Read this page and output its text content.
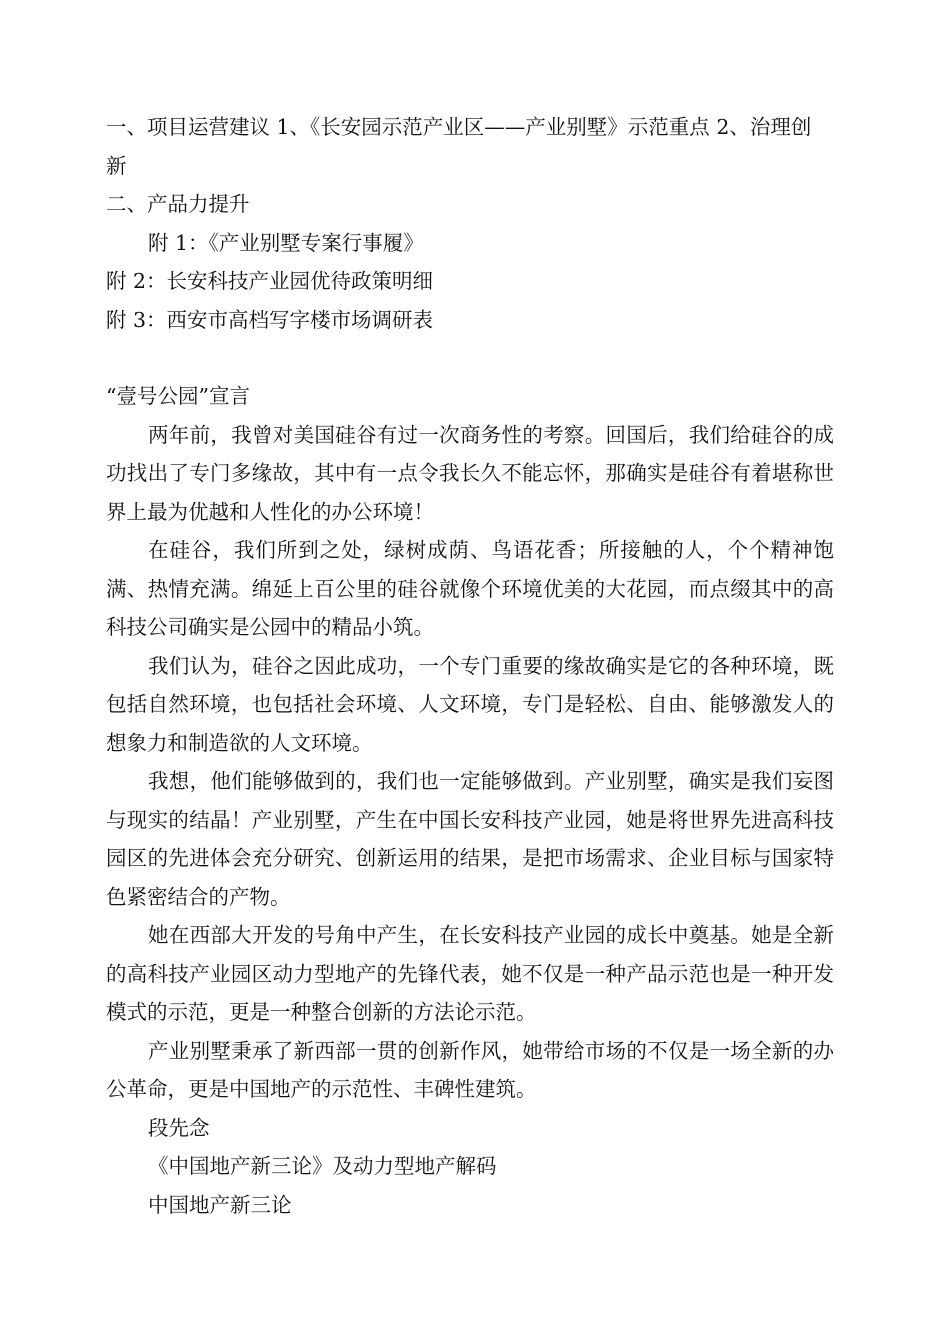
一、项目运营建议 1、《长安园示范产业区——产业别墅》示范重点 2、治理创

新

二、产品力提升

附 1：《产业别墅专案行事履》

附 2：长安科技产业园优待政策明细

附 3：西安市高档写字楼市场调研表

“壹号公园”宣言

两年前，我曾对美国硅谷有过一次商务性的考察。回国后，我们给硅谷的成功找出了专门多缘故，其中有一点令我长久不能忘怀，那确实是硅谷有着堪称世界上最为优越和人性化的办公环境！

在硅谷，我们所到之处，绿树成荫、鸟语花香；所接触的人，个个精神饱满、热情充满。绵延上百公里的硅谷就像个环境优美的大花园，而点缀其中的高科技公司确实是公园中的精品小筑。

我们认为，硅谷之因此成功，一个专门重要的缘故确实是它的各种环境，既包括自然环境，也包括社会环境、人文环境，专门是轻松、自由、能够激发人的想象力和制造欲的人文环境。

我想，他们能够做到的，我们也一定能够做到。产业别墅，确实是我们妄图与现实的结晶！产业别墅，产生在中国长安科技产业园，她是将世界先进高科技园区的先进体会充分研究、创新运用的结果，是把市场需求、企业目标与国家特色紧密结合的产物。

她在西部大开发的号角中产生，在长安科技产业园的成长中奠基。她是全新的高科技产业园区动力型地产的先锋代表，她不仅是一种产品示范也是一种开发模式的示范，更是一种整合创新的方法论示范。

产业别墅秉承了新西部一贯的创新作风，她带给市场的不仅是一场全新的办公革命，更是中国地产的示范性、丰碑性建筑。

段先念

《中国地产新三论》及动力型地产解码

中国地产新三论
